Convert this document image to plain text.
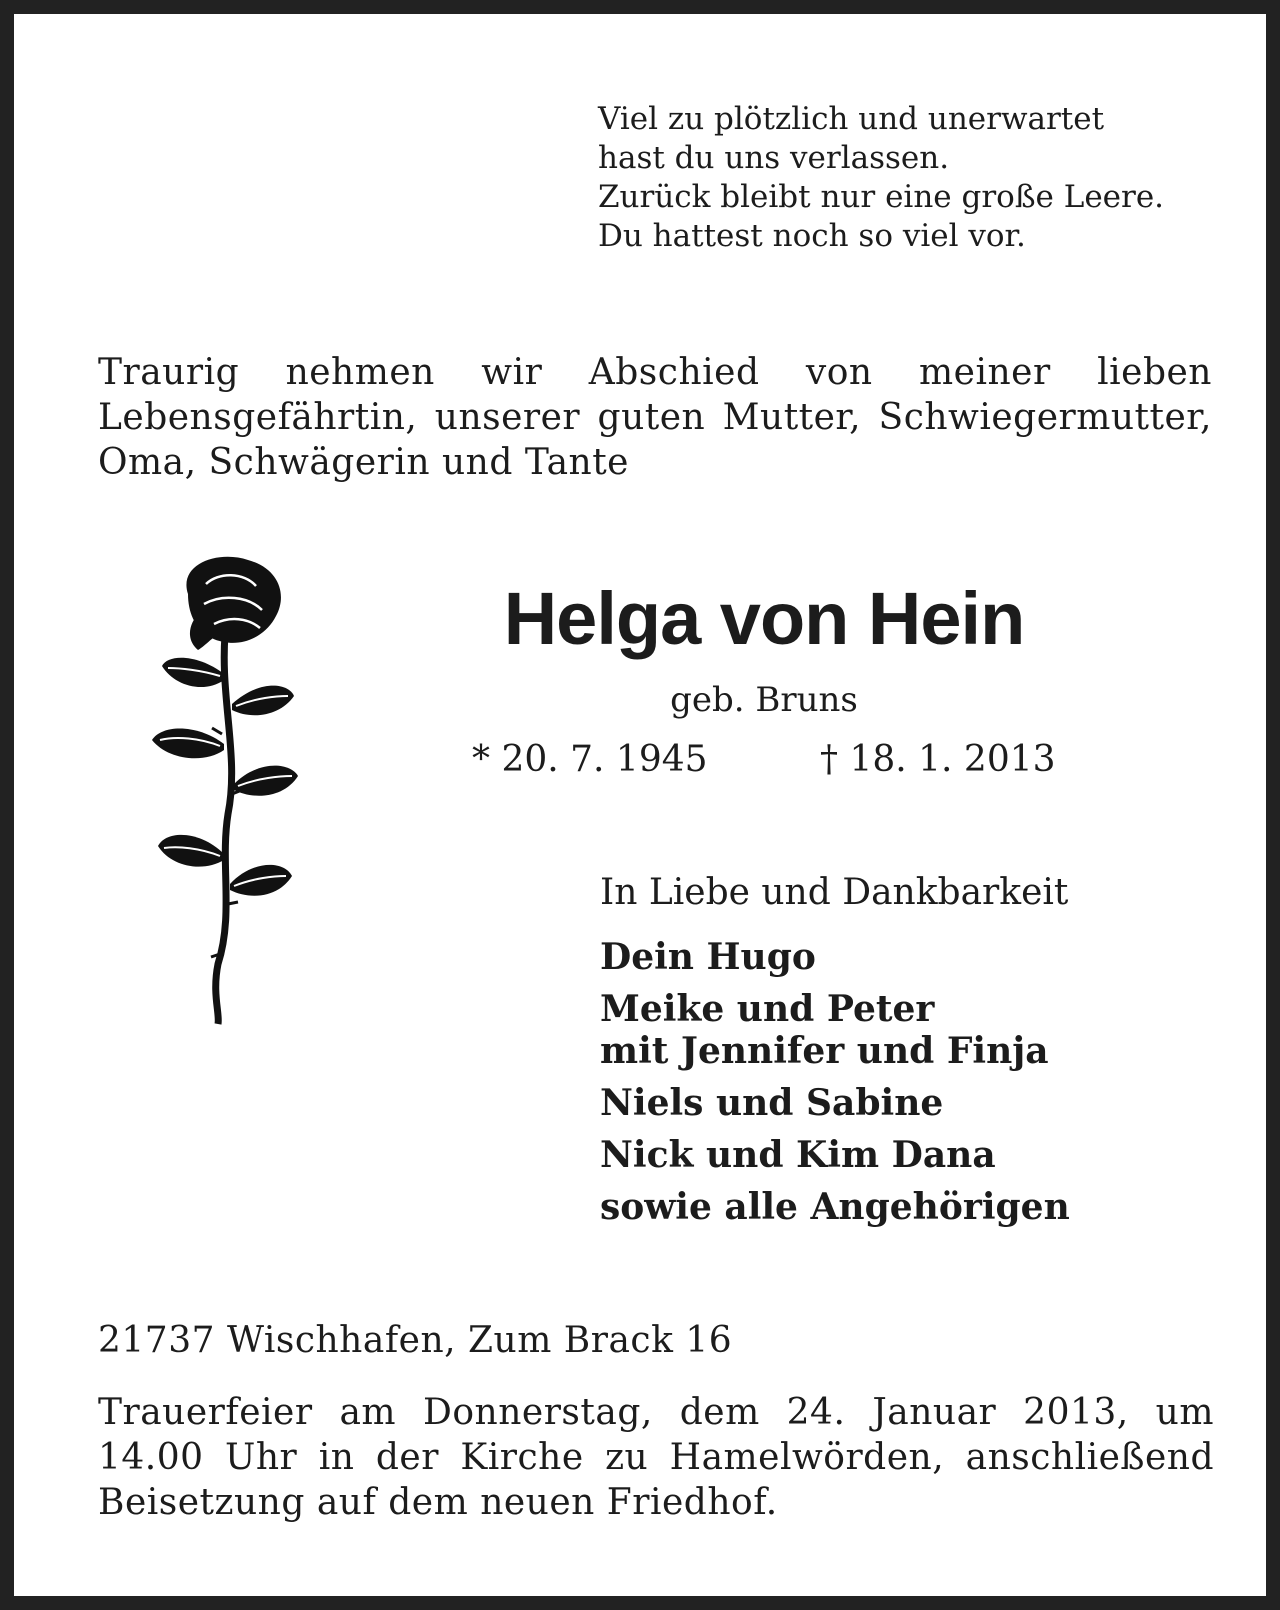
Viel zu plötzlich und unerwartet
hast du uns verlassen.
Zurück bleibt nur eine große Leere.
Du hattest noch so viel vor.
Traurig nehmen wir Abschied von meiner lieben Lebensgefährtin, unserer guten Mutter, Schwiegermutter, Oma, Schwägerin und Tante
Helga von Hein
geb. Bruns
* 20. 7. 1945	† 18. 1. 2013
In Liebe und Dankbarkeit
Dein Hugo
Meike und Peter
mit Jennifer und Finja
Niels und Sabine
Nick und Kim Dana
sowie alle Angehörigen
21737 Wischhafen, Zum Brack 16
Trauerfeier am Donnerstag, dem 24. Januar 2013, um 14.00 Uhr in der Kirche zu Hamelwörden, anschließend Beisetzung auf dem neuen Friedhof.
